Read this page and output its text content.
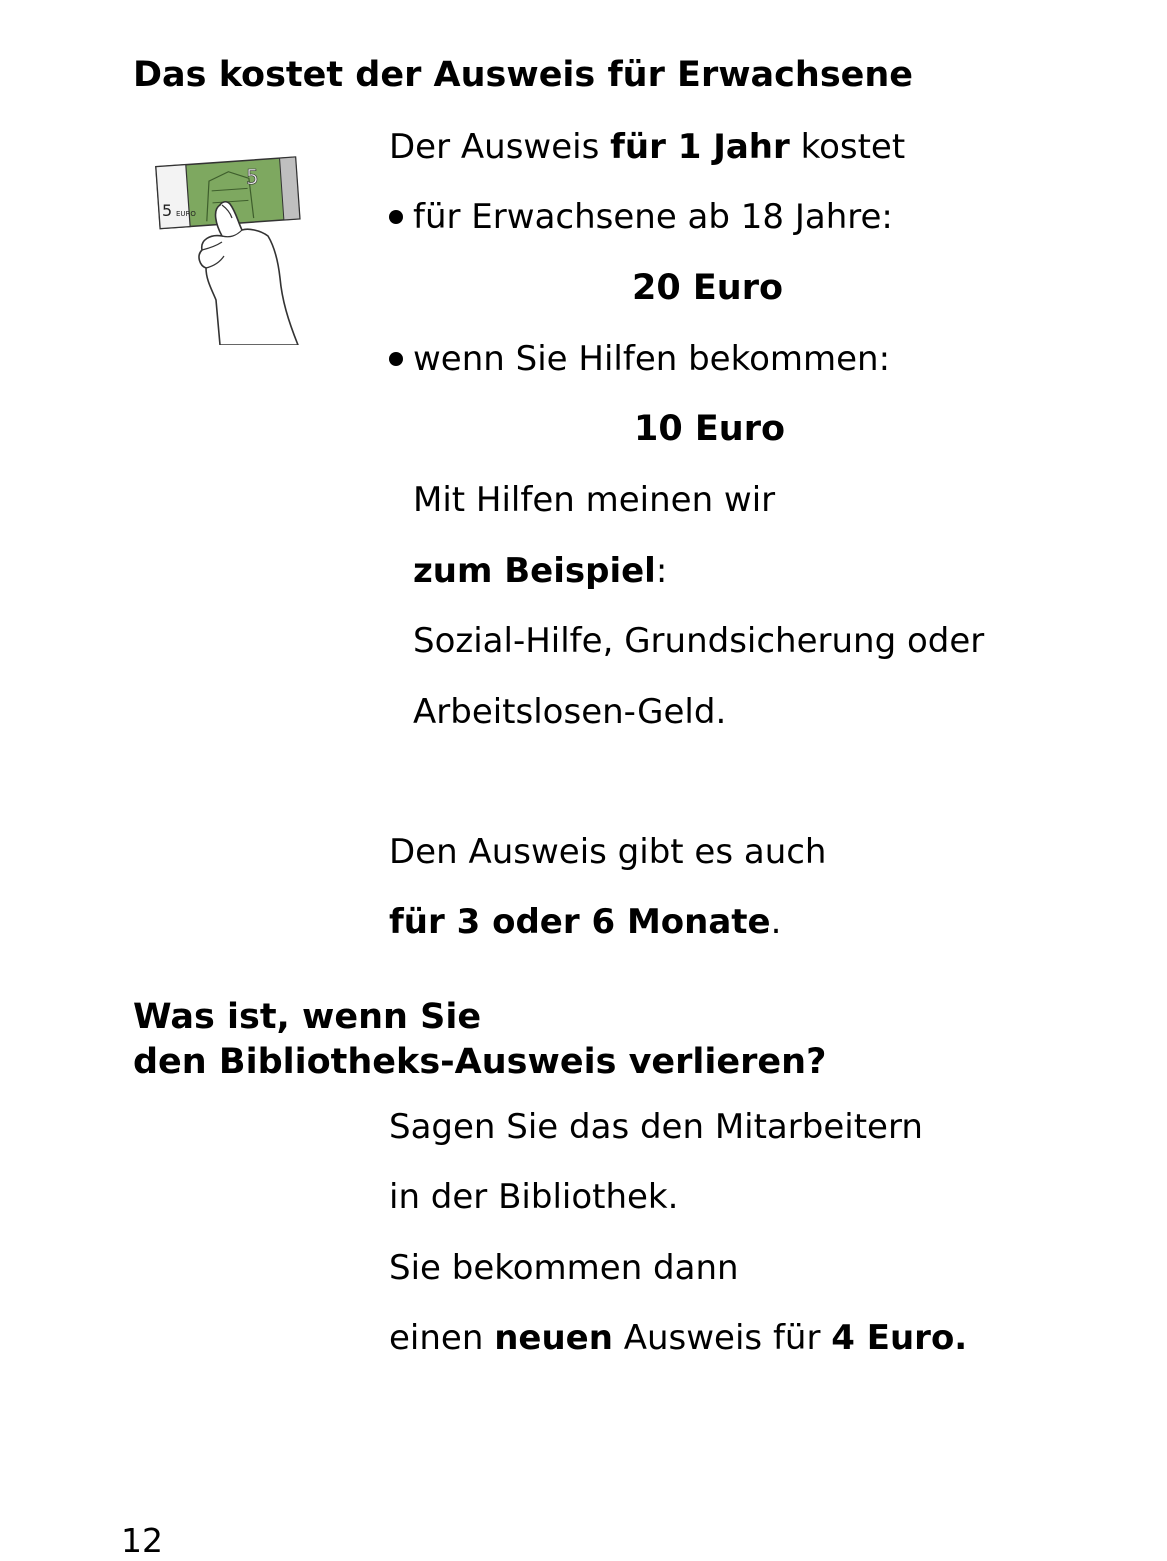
Das kostet der Ausweis für Erwachsene
5
5 EURO
Der Ausweis für 1 Jahr kostet
für Erwachsene ab 18 Jahre:
20 Euro
wenn Sie Hilfen bekommen:
10 Euro
Mit Hilfen meinen wir
zum Beispiel:
Sozial-Hilfe, Grundsicherung oder
Arbeitslosen-Geld.
Den Ausweis gibt es auch
für 3 oder 6 Monate.
Was ist, wenn Sie
den Bibliotheks-Ausweis verlieren?
Sagen Sie das den Mitarbeitern
in der Bibliothek.
Sie bekommen dann
einen neuen Ausweis für 4 Euro.
12
